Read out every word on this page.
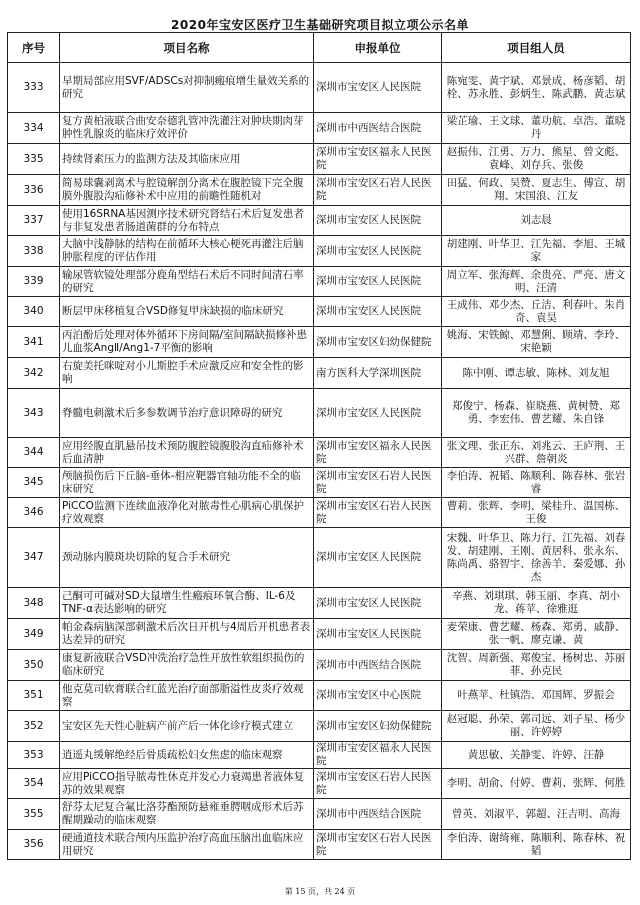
2020年宝安区医疗卫生基础研究项目拟立项公示名单
序号	项目名称	申报单位	项目组人员
333	早期局部应用SVF/ADSCs对抑制瘢痕增生量效关系的研究	深圳市宝安区人民医院	陈宛雯、黄宇斌、邓景成、杨彦韬、胡栓、苏永胜、彭炳生、陈武鹏、黄志斌
334	复方黄柏液联合曲安奈德乳管冲洗灌注对肿块期肉芽肿性乳腺炎的临床疗效评价	深圳市中西医结合医院	梁芷瑜、王文球、董功航、卓浩、董晓丹
335	持续肾素压力的监测方法及其临床应用	深圳市宝安区福永人民医院	赵振伟、江勇、万力、熊星、曾文彪、袁峰、刘存兵、张俊
336	简易球囊剥离术与腔镜解剖分离术在腹腔镜下完全腹膜外腹股沟疝修补术中应用的前瞻性随机对	深圳市宝安区石岩人民医院	田猛、何政、吴赞、夏志生、傅宣、胡翔、宋国浪、江友
337	使用16SRNA基因测序技术研究肾结石术后复发患者与非复发患者肠道菌群的分布特点	深圳市宝安区人民医院	刘志晨
338	大脑中浅静脉的结构在前循环大核心梗死再灌注后脑肿胀程度的评估作用	深圳市宝安区人民医院	胡建刚、叶华卫、江先福、李旭、王城家
339	输尿管软镜处理部分鹿角型结石术后不同时间清石率的研究	深圳市宝安区人民医院	周立军、张海辉、余贵亮、严亮、唐文明、汪清
340	断层甲床移植复合VSD修复甲床缺损的临床研究	深圳市宝安区人民医院	王成伟、邓少杰、丘洁、利春叶、朱肖奇、袁昊
341	丙泊酚后处理对体外循环下房间隔/室间隔缺损修补患儿血浆AngⅡ/Ang1-7平衡的影响	深圳市宝安区妇幼保健院	姚海、宋铁鲸、邓慧俐、顾靖、李玲、宋艳颖
342	右旋美托咪啶对小儿斯腔手术应激反应和安全性的影响	南方医科大学深圳医院	陈中刚、谭志敏、陈林、刘友旭
343	脊髓电刺激术后多参数调节治疗意识障碍的研究	深圳市宝安区人民医院	郑俊宁、杨森、崔晓燕、黄树赞、郑勇、李宏伟、曹艺耀、朱自锋
344	应用经腹直肌悬吊技术预防腹腔镜腹股沟直疝修补术后血清肿	深圳市宝安区福永人民医院	张文理、张正东、刘兆云、王庐荆、王兴群、詹朝炎
345	颅脑损伤后下丘脑-垂体-相应靶器官轴功能不全的临床研究	深圳市宝安区石岩人民医院	李伯涛、祝韬、陈顺利、陈春林、张岩睿
346	PiCCO监测下连续血液净化对脓毒性心肌病心肌保护疗效观察	深圳市宝安区石岩人民医院	曹莉、张辉、李明、梁桂升、温国栋、王俊
347	颈动脉内膜斑块切除的复合手术研究	深圳市宝安区人民医院	宋魏、叶华卫、陈力行、江先福、刘春发、胡建刚、王刚、黄居科、张永东、陈尚禹、骆智宇、徐善羊、秦爱娜、孙杰
348	己酮可可碱对SD大鼠增生性瘢痕环氧合酶、IL-6及TNF-α表达影响的研究	深圳市宝安区人民医院	辛燕、刘琪琪、韩玉丽、李真、胡小龙、蒋苹、徐雅逛
349	帕金森病脑深部刺激术后次日开机与4周后开机患者表达差异的研究	深圳市宝安区人民医院	麦荣康、曹艺耀、杨森、郑勇、戚静、张一帆、廖克谦、黄
350	康复新液联合VSD冲洗治疗急性开放性软组织损伤的临床研究	深圳市中西医结合医院	沈智、周新强、郑俊宝、杨树忠、苏丽菲、孙克民
351	他克莫司软膏联合红蓝光治疗面部脂溢性皮炎疗效观察	深圳市宝安区中心医院	叶燕苹、杜镇浩、邓国辉、罗振会
352	宝安区先天性心脏病产前产后一体化诊疗模式建立	深圳市宝安区妇幼保健院	赵冠聪、孙荣、郭司远、刘子星、杨少丽、许婷婷
353	逍遥丸缓解绝经后骨质疏松妇女焦虑的临床观察	深圳市宝安区福永人民医院	黄思敏、关静雯、许婷、汪静
354	应用PiCCO指导脓毒性休克并发心力衰竭患者液体复苏的效果观察	深圳市宝安区石岩人民医院	李明、胡俞、付婷、曹莉、张辉、何胜
355	舒芬太尼复合氟比洛芬酯预防悬雍垂腭咽成形术后苏醒期躁动的临床观察	深圳市中西医结合医院	曾英、刘淑平、郭超、汪吉明、高海
356	硬通道技术联合颅内压监护治疗高血压脑出血临床应用研究	深圳市宝安区石岩人民医院	李伯涛、谢绮雍、陈顺利、陈春林、祝韬
第 15 页，共 24 页
